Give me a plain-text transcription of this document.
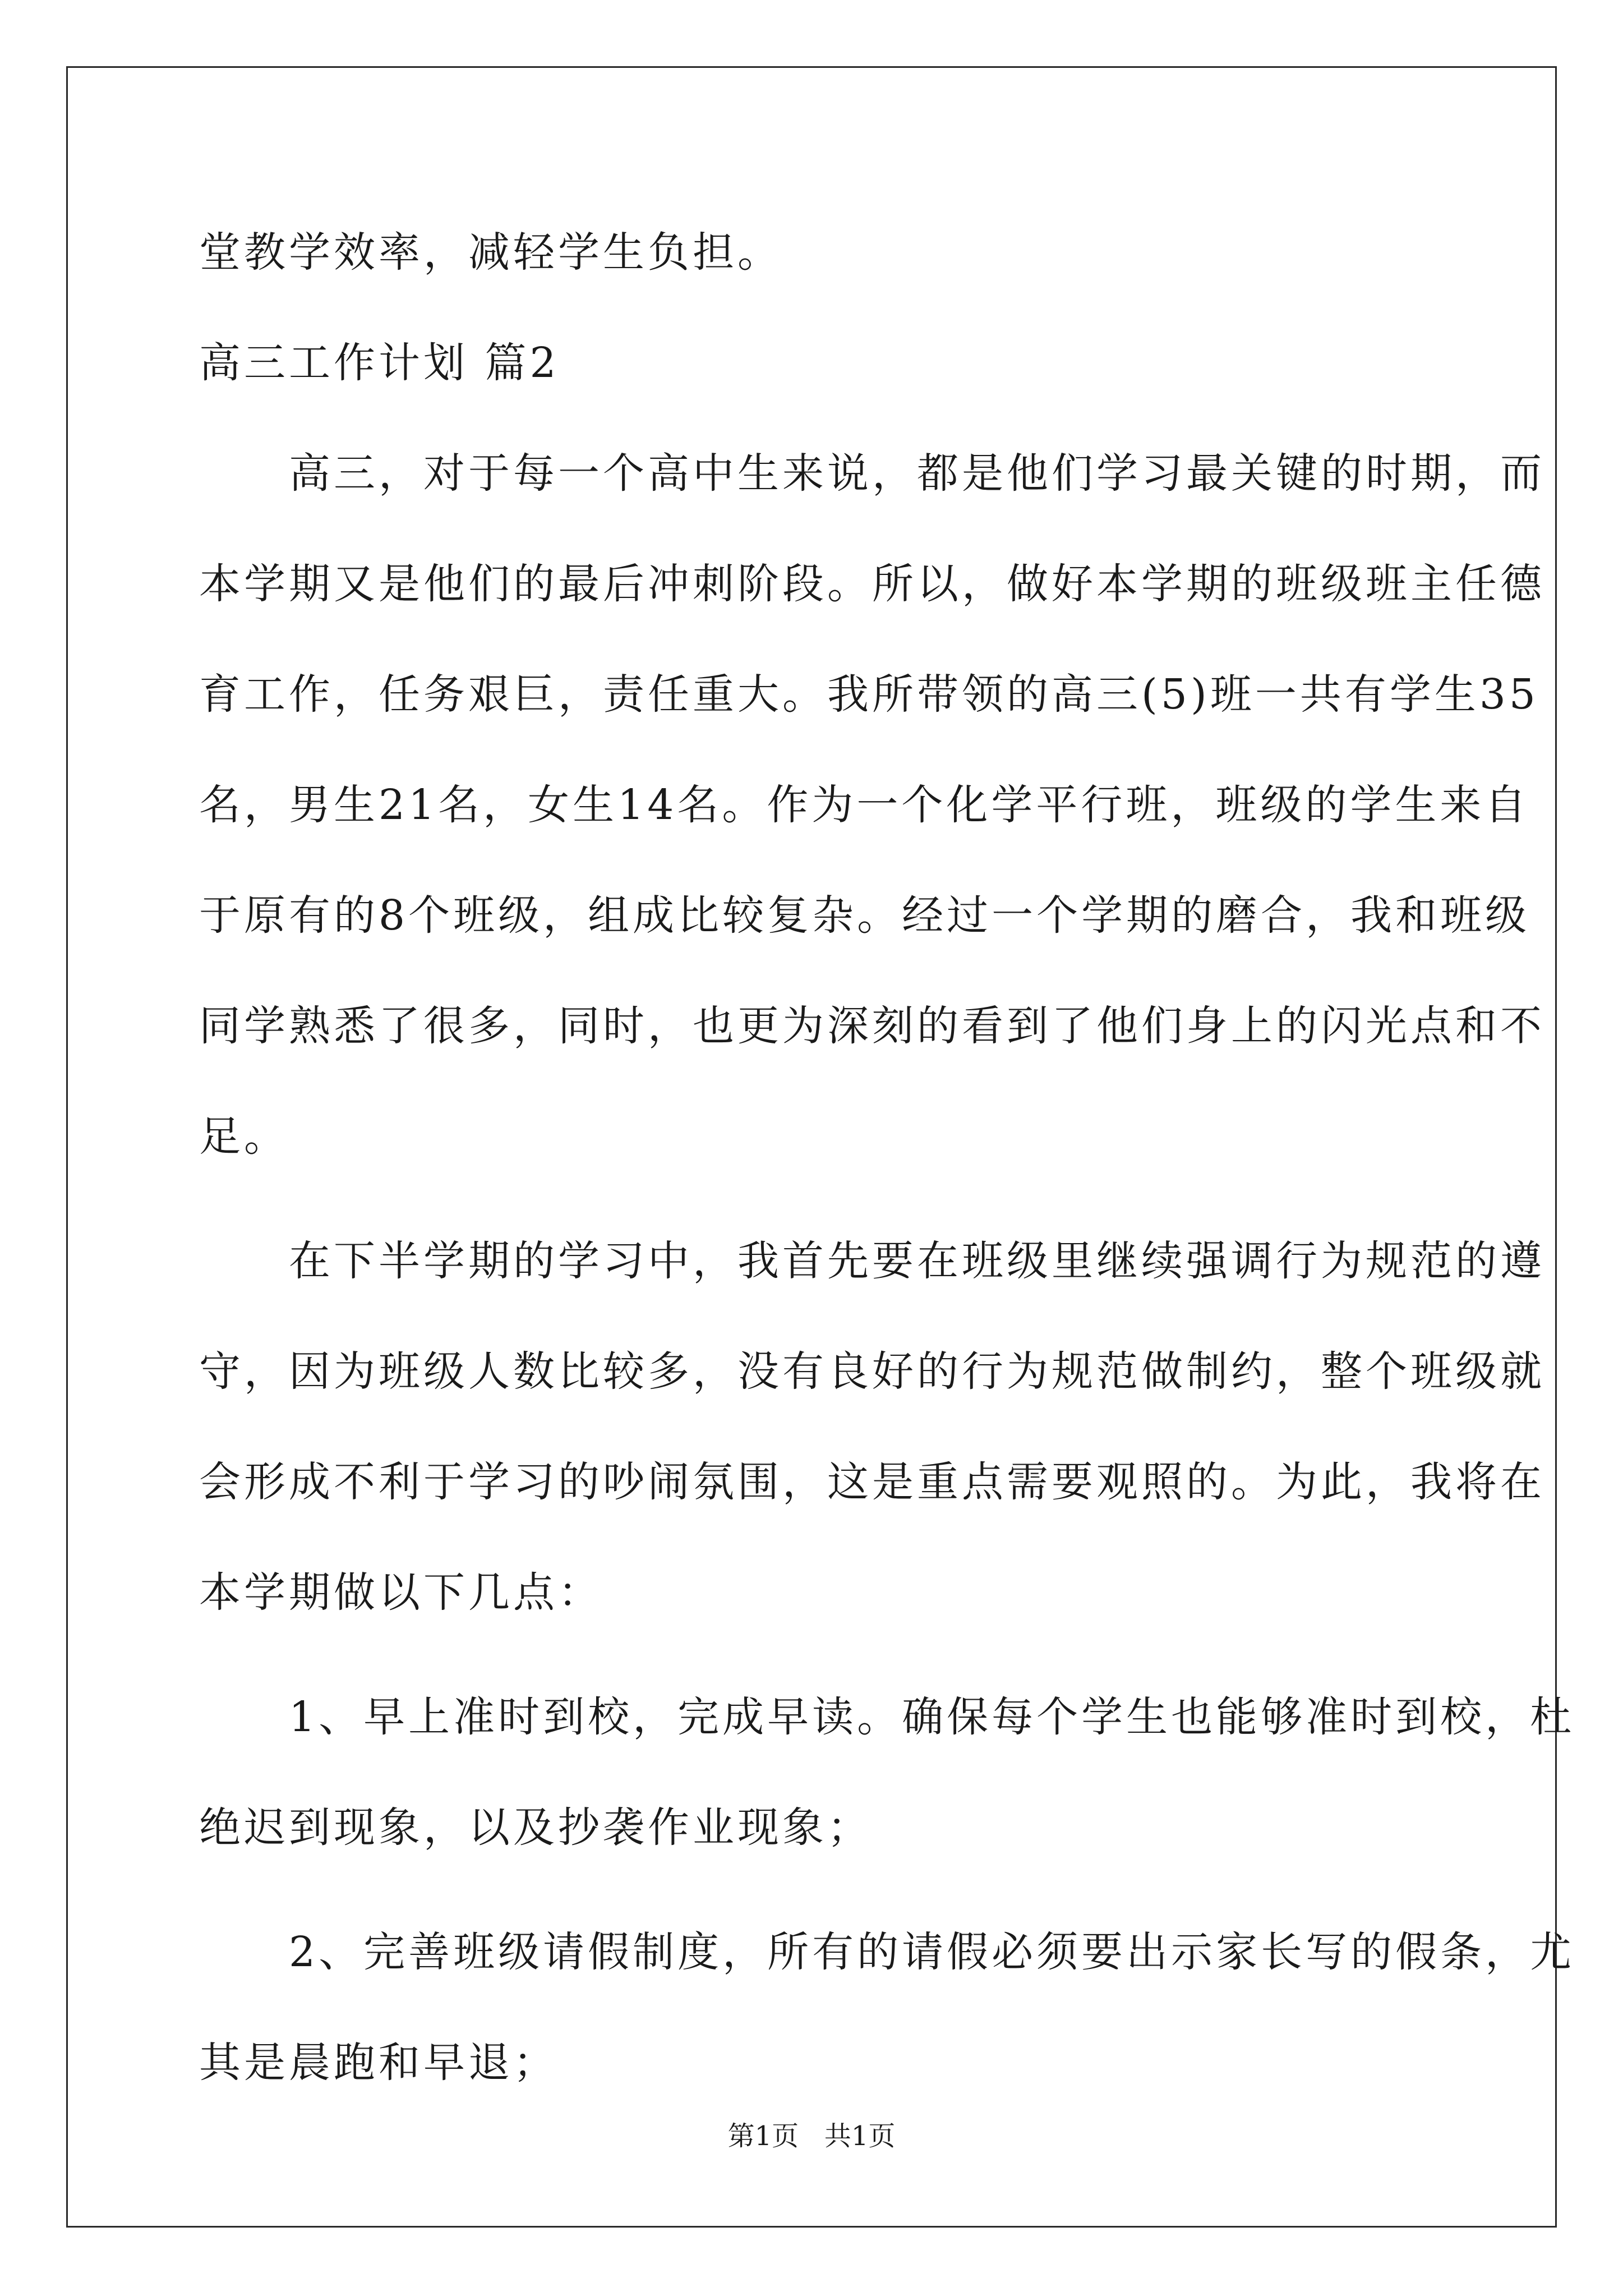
堂教学效率，减轻学生负担。
高三工作计划 篇2
　　高三，对于每一个高中生来说，都是他们学习最关键的时期，而
本学期又是他们的最后冲刺阶段。所以，做好本学期的班级班主任德
育工作，任务艰巨，责任重大。我所带领的高三(5)班一共有学生35
名，男生21名，女生14名。作为一个化学平行班，班级的学生来自
于原有的8个班级，组成比较复杂。经过一个学期的磨合，我和班级
同学熟悉了很多，同时，也更为深刻的看到了他们身上的闪光点和不
足。
　　在下半学期的学习中，我首先要在班级里继续强调行为规范的遵
守，因为班级人数比较多，没有良好的行为规范做制约，整个班级就
会形成不利于学习的吵闹氛围，这是重点需要观照的。为此，我将在
本学期做以下几点：
　　1、早上准时到校，完成早读。确保每个学生也能够准时到校，杜
绝迟到现象，以及抄袭作业现象；
　　2、完善班级请假制度，所有的请假必须要出示家长写的假条，尤
其是晨跑和早退；
第1页   共1页
